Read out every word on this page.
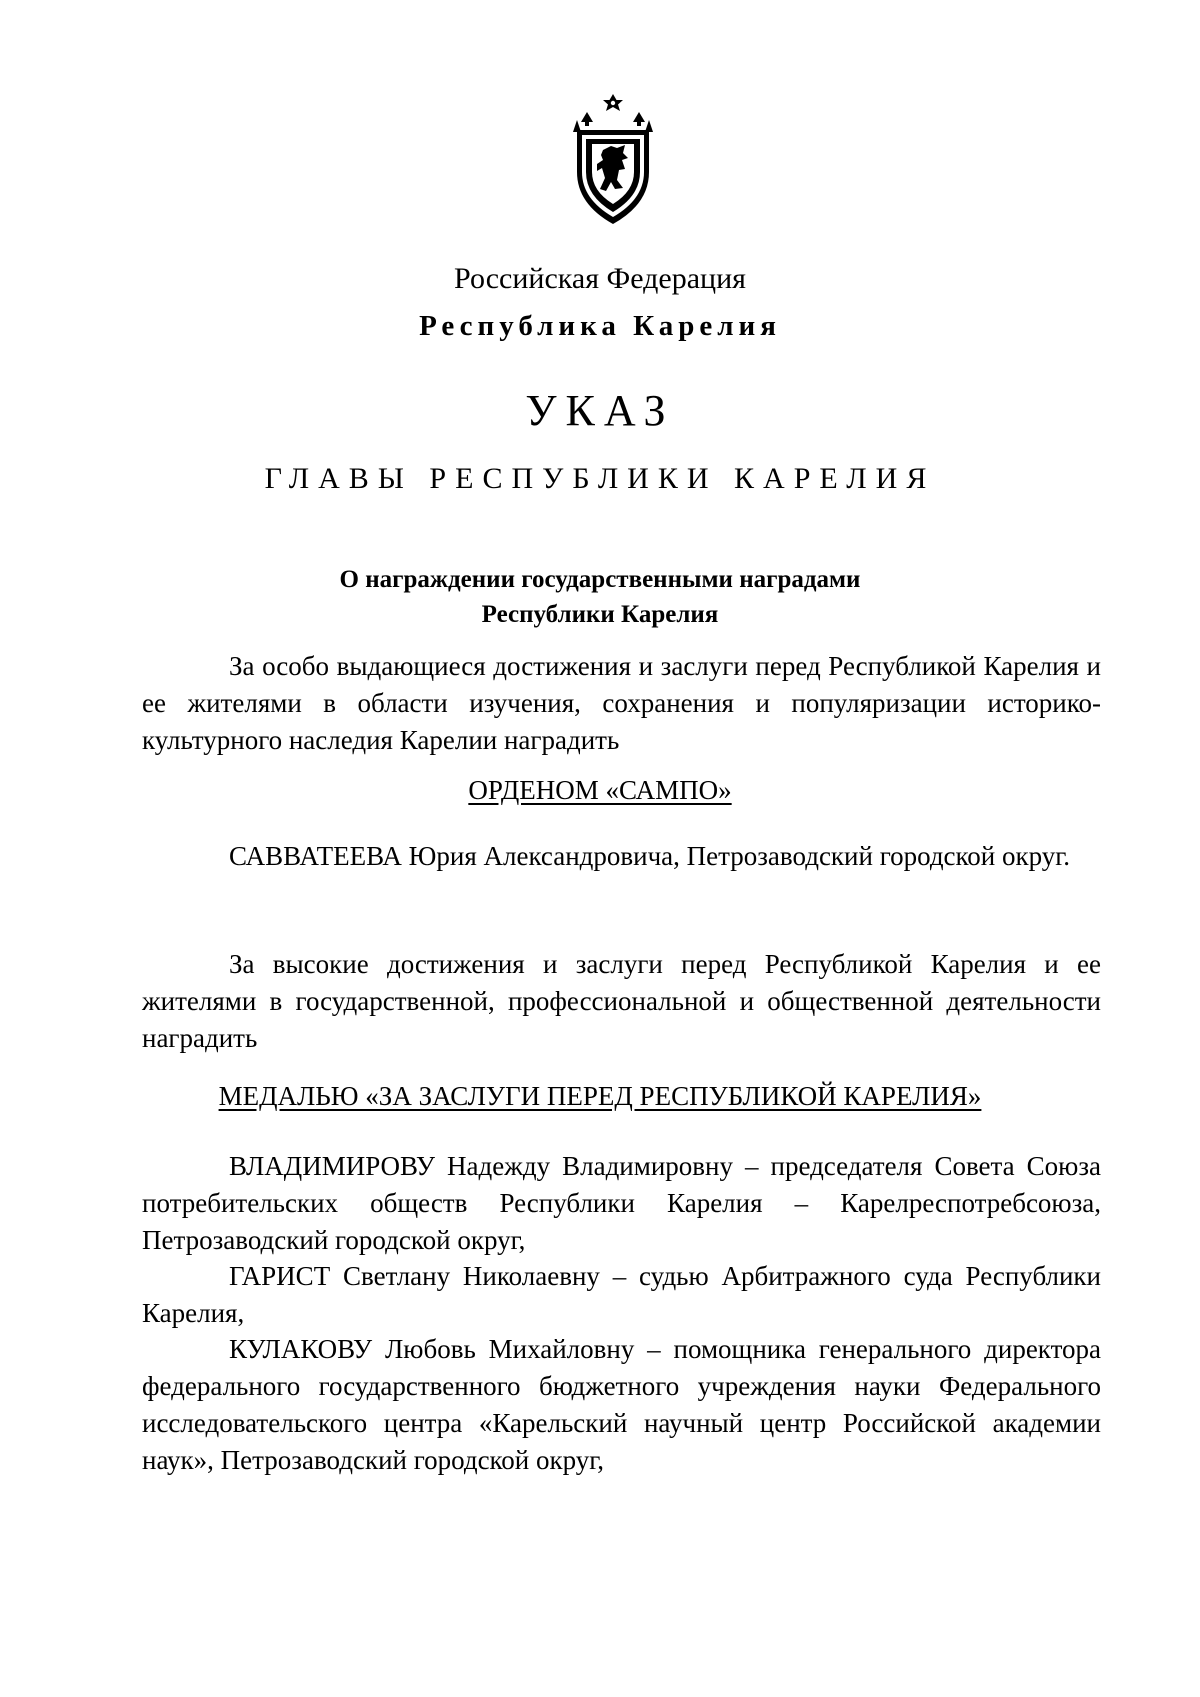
Российская Федерация
Республика Карелия
УКАЗ
ГЛАВЫ РЕСПУБЛИКИ КАРЕЛИЯ
О награждении государственными наградами
Республики Карелия
За особо выдающиеся достижения и заслуги перед Республикой Карелия и ее жителями в области изучения, сохранения и популяризации историко-культурного наследия Карелии наградить
ОРДЕНОМ «САМПО»
САВВАТЕЕВА Юрия Александровича, Петрозаводский городской округ.
За высокие достижения и заслуги перед Республикой Карелия и ее жителями в государственной, профессиональной и общественной деятельности наградить
МЕДАЛЬЮ «ЗА ЗАСЛУГИ ПЕРЕД РЕСПУБЛИКОЙ КАРЕЛИЯ»
ВЛАДИМИРОВУ Надежду Владимировну – председателя Совета Союза потребительских обществ Республики Карелия – Карелреспотребсоюза, Петрозаводский городской округ,
ГАРИСТ Светлану Николаевну – судью Арбитражного суда Республики Карелия,
КУЛАКОВУ Любовь Михайловну – помощника генерального директора федерального государственного бюджетного учреждения науки Федерального исследовательского центра «Карельский научный центр Российской академии наук», Петрозаводский городской округ,
